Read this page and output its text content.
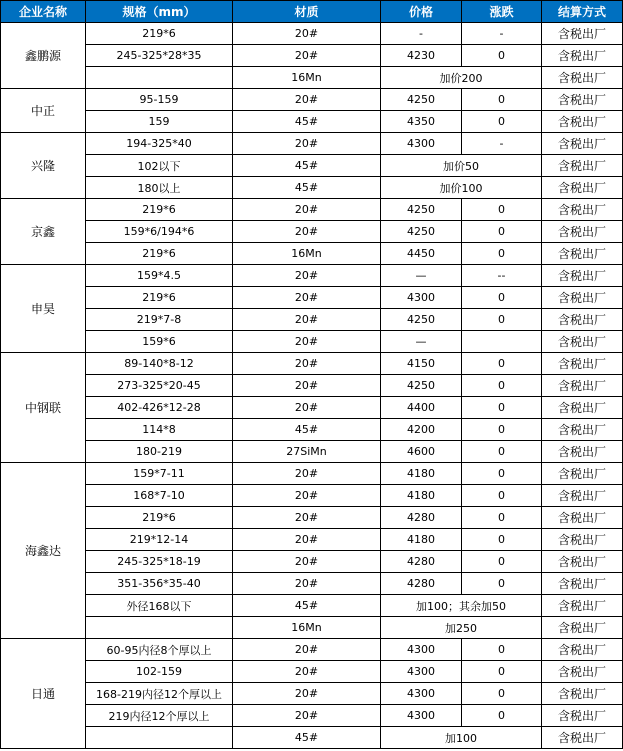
企业名称	规格（mm）	材质	价格	涨跌	结算方式
鑫鹏源	219*6	20#	-	-	含税出厂
	245-325*28*35	20#	4230	0	含税出厂
		16Mn	加价200		含税出厂
中正	95-159	20#	4250	0	含税出厂
	159	45#	4350	0	含税出厂
兴隆	194-325*40	20#	4300	-	含税出厂
	102以下	45#	加价50		含税出厂
	180以上	45#	加价100		含税出厂
京鑫	219*6	20#	4250	0	含税出厂
	159*6/194*6	20#	4250	0	含税出厂
	219*6	16Mn	4450	0	含税出厂
申昊	159*4.5	20#	—	--	含税出厂
	219*6	20#	4300	0	含税出厂
	219*7-8	20#	4250	0	含税出厂
	159*6	20#	—		含税出厂
中钢联	89-140*8-12	20#	4150	0	含税出厂
	273-325*20-45	20#	4250	0	含税出厂
	402-426*12-28	20#	4400	0	含税出厂
	114*8	45#	4200	0	含税出厂
	180-219	27SiMn	4600	0	含税出厂
海鑫达	159*7-11	20#	4180	0	含税出厂
	168*7-10	20#	4180	0	含税出厂
	219*6	20#	4280	0	含税出厂
	219*12-14	20#	4180	0	含税出厂
	245-325*18-19	20#	4280	0	含税出厂
	351-356*35-40	20#	4280	0	含税出厂
	外径168以下	45#	加100；其余加50		含税出厂
		16Mn	加250		含税出厂
日通	60-95内径8个厚以上	20#	4300	0	含税出厂
	102-159	20#	4300	0	含税出厂
	168-219内径12个厚以上	20#	4300	0	含税出厂
	219内径12个厚以上	20#	4300	0	含税出厂
		45#	加100		含税出厂
